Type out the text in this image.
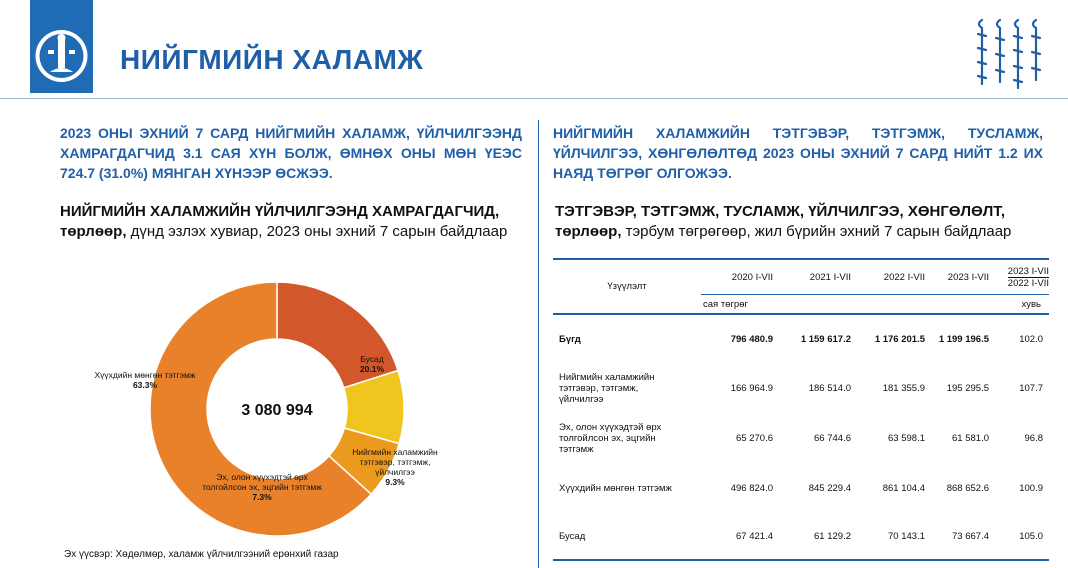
НИЙГМИЙН ХАЛАМЖ
2023 ОНЫ ЭХНИЙ 7 САРД НИЙГМИЙН ХАЛАМЖ, ҮЙЛЧИЛГЭЭНД ХАМРАГДАГЧИД 3.1 САЯ ХҮН БОЛЖ, ӨМНӨХ ОНЫ МӨН ҮЕЭС 724.7 (31.0%) МЯНГАН ХҮНЭЭР ӨСЖЭЭ.
НИЙГМИЙН ХАЛАМЖИЙН ҮЙЛЧИЛГЭЭНД ХАМРАГДАГЧИД,
төрлөөр, дүнд эзлэх хувиар, 2023 оны эхний 7 сарын байдлаар
Бусад
20.1%
Нийгмийн халамжийн тэтгэвэр, тэтгэмж, үйлчилгээ
9.3%
Эх, олон хүүхэдтэй өрх толгойлсон эх, эцгийн тэтгэмж
7.3%
Хүүхдийн мөнгөн тэтгэмж
63.3%
3 080 994
Эх үүсвэр: Хөдөлмөр, халамж үйлчилгээний ерөнхий газар
НИЙГМИЙН ХАЛАМЖИЙН ТЭТГЭВЭР, ТЭТГЭМЖ, ТУСЛАМЖ, ҮЙЛЧИЛГЭЭ, ХӨНГӨЛӨЛТӨД 2023 ОНЫ ЭХНИЙ 7 САРД НИЙТ 1.2 ИХ НАЯД ТӨГРӨГ ОЛГОЖЭЭ.
ТЭТГЭВЭР, ТЭТГЭМЖ, ТУСЛАМЖ, ҮЙЛЧИЛГЭЭ, ХӨНГӨЛӨЛТ,
төрлөөр, тэрбум төгрөгөөр, жил бүрийн эхний 7 сарын байдлаар
Үзүүлэлт	2020 I-VII	2021 I-VII	2022 I-VII	2023 I-VII	2023 I-VII
2022 I-VII

	сая төгрөг				хувь
Бүгд	796 480.9	1 159 617.2	1 176 201.5	1 199 196.5	102.0
Нийгмийн халамжийн тэтгэвэр, тэтгэмж, үйлчилгээ	166 964.9	186 514.0	181 355.9	195 295.5	107.7
Эх, олон хүүхэдтэй өрх толгойлсон эх, эцгийн тэтгэмж	65 270.6	66 744.6	63 598.1	61 581.0	96.8
Хүүхдийн мөнгөн тэтгэмж	496 824.0	845 229.4	861 104.4	868 652.6	100.9
Бусад	67 421.4	61 129.2	70 143.1	73 667.4	105.0
